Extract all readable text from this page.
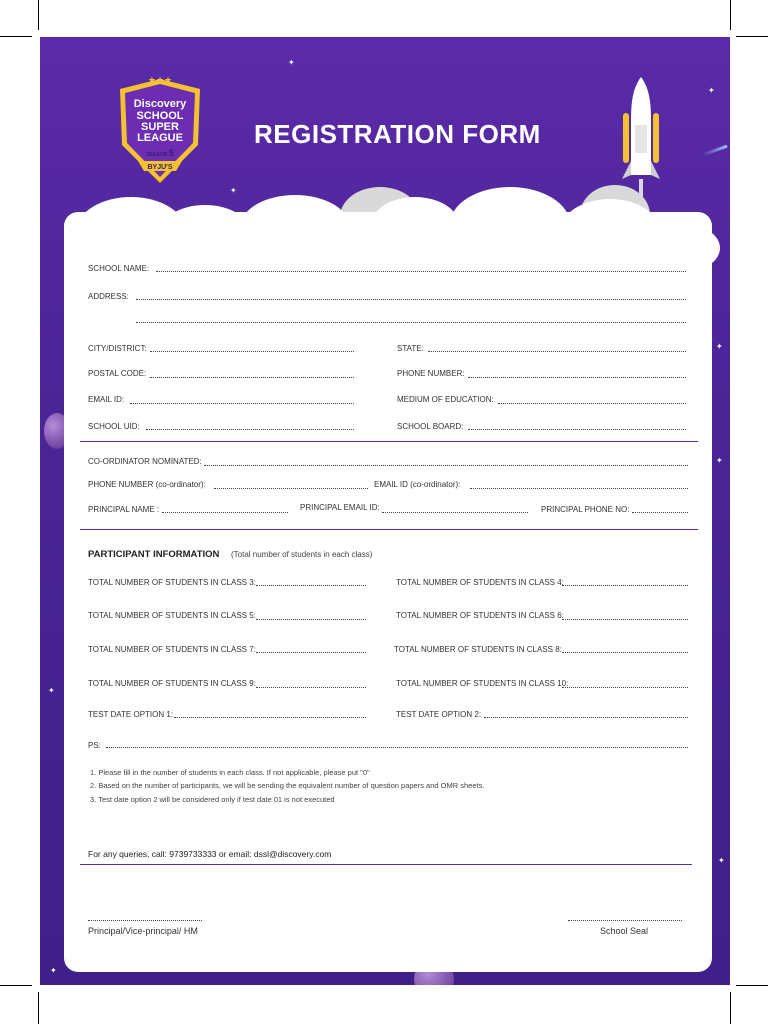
✦
✦
✦
✦
✦
✦
✦
✦
★★★
Discovery
SCHOOL
SUPER
LEAGUE
SEASON 5
BYJU'S
REGISTRATION FORM
SCHOOL NAME:
ADDRESS:
CITY/DISTRICT:	STATE:
POSTAL CODE:	PHONE NUMBER:
EMAIL ID:	MEDIUM OF EDUCATION:
SCHOOL UID:	SCHOOL BOARD:
CO-ORDINATOR NOMINATED:
PHONE NUMBER (co-ordinator):	EMAIL ID (co-ordinator):
PRINCIPAL NAME :	PRINCIPAL EMAIL ID:	PRINCIPAL PHONE NO:
PARTICIPANT INFORMATION (Total number of students in each class)
TOTAL NUMBER OF STUDENTS IN CLASS 3:	TOTAL NUMBER OF STUDENTS IN CLASS 4:
TOTAL NUMBER OF STUDENTS IN CLASS 5:	TOTAL NUMBER OF STUDENTS IN CLASS 6:
TOTAL NUMBER OF STUDENTS IN CLASS 7:	TOTAL NUMBER OF STUDENTS IN CLASS 8:
TOTAL NUMBER OF STUDENTS IN CLASS 9:	TOTAL NUMBER OF STUDENTS IN CLASS 10:
TEST DATE OPTION 1:	TEST DATE OPTION 2:
PS:
1. Please fill in the number of students in each class. If not applicable, please put "0"
2. Based on the number of participants, we will be sending the equivalent number of question papers and OMR sheets.
3. Test date option 2 will be considered only if test date 01 is not executed
For any queries, call: 9739733333 or email: dssl@discovery.com
Principal/Vice-principal/ HM	School Seal
